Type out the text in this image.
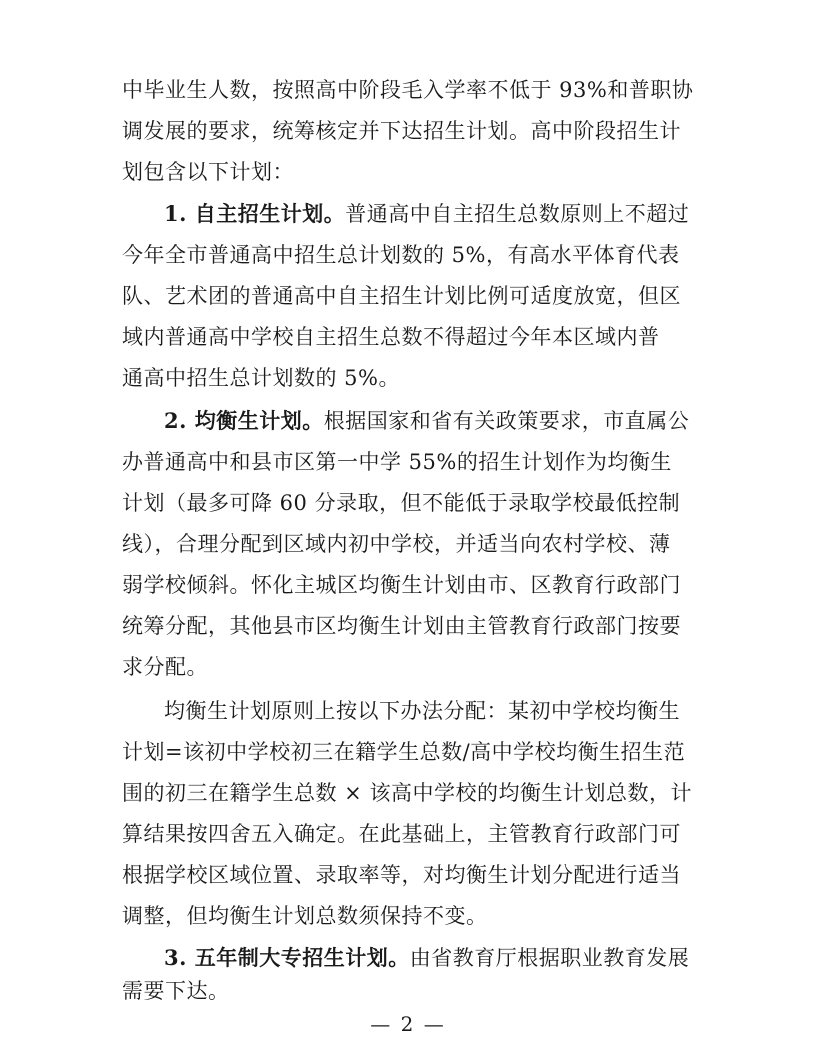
中毕业生人数，按照高中阶段毛入学率不低于 93%和普职协
调发展的要求，统筹核定并下达招生计划。高中阶段招生计
划包含以下计划：
1. 自主招生计划。普通高中自主招生总数原则上不超过
今年全市普通高中招生总计划数的 5%，有高水平体育代表
队、艺术团的普通高中自主招生计划比例可适度放宽，但区
域内普通高中学校自主招生总数不得超过今年本区域内普
通高中招生总计划数的 5%。
2. 均衡生计划。根据国家和省有关政策要求，市直属公
办普通高中和县市区第一中学 55%的招生计划作为均衡生
计划（最多可降 60 分录取，但不能低于录取学校最低控制
线），合理分配到区域内初中学校，并适当向农村学校、薄
弱学校倾斜。怀化主城区均衡生计划由市、区教育行政部门
统筹分配，其他县市区均衡生计划由主管教育行政部门按要
求分配。
均衡生计划原则上按以下办法分配：某初中学校均衡生
计划=该初中学校初三在籍学生总数/高中学校均衡生招生范
围的初三在籍学生总数 × 该高中学校的均衡生计划总数，计
算结果按四舍五入确定。在此基础上，主管教育行政部门可
根据学校区域位置、录取率等，对均衡生计划分配进行适当
调整，但均衡生计划总数须保持不变。
3. 五年制大专招生计划。由省教育厅根据职业教育发展
需要下达。
— 2 —
